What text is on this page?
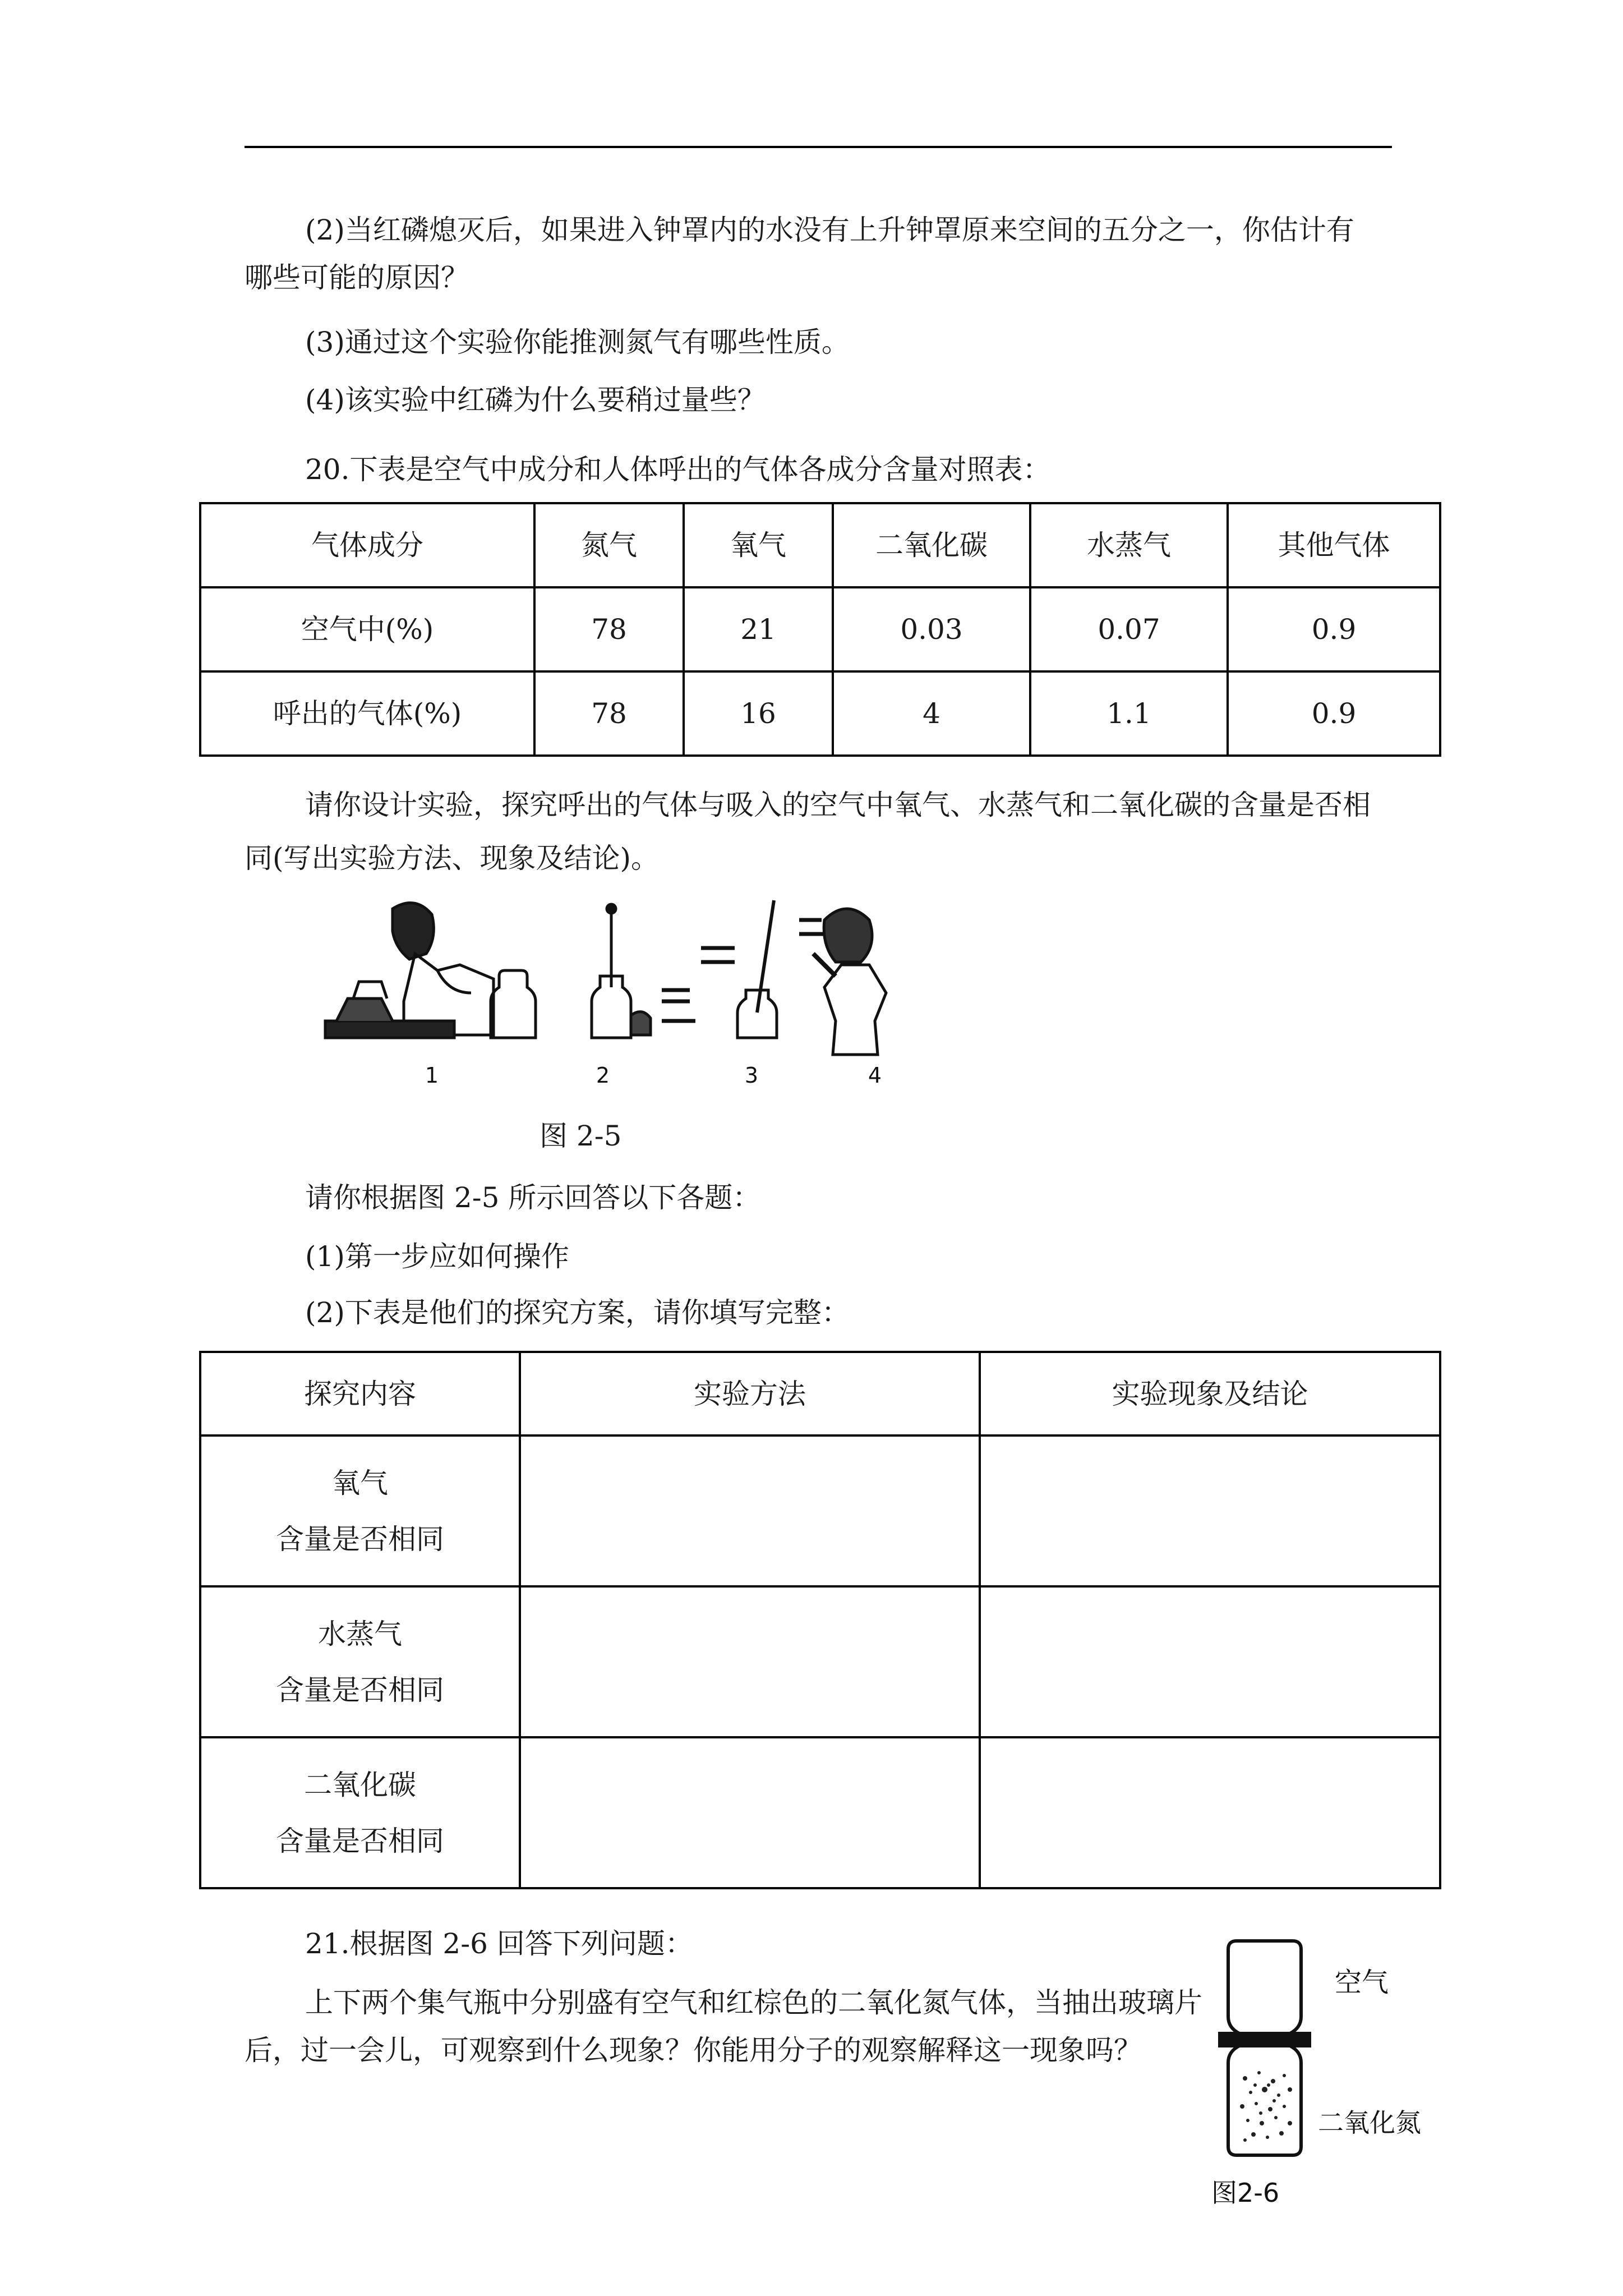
(2)当红磷熄灭后，如果进入钟罩内的水没有上升钟罩原来空间的五分之一，你估计有
哪些可能的原因？
(3)通过这个实验你能推测氮气有哪些性质。
(4)该实验中红磷为什么要稍过量些？
20.下表是空气中成分和人体呼出的气体各成分含量对照表：
气体成分	氮气	氧气	二氧化碳	水蒸气	其他气体
空气中(%)	78	21	0.03	0.07	0.9
呼出的气体(%)	78	16	4	1.1	0.9
请你设计实验，探究呼出的气体与吸入的空气中氧气、水蒸气和二氧化碳的含量是否相
同(写出实验方法、现象及结论)。
1	2	3	4
图 2-5
请你根据图 2-5 所示回答以下各题：
(1)第一步应如何操作
(2)下表是他们的探究方案，请你填写完整：
探究内容	实验方法	实验现象及结论

氧气
含量是否相同		

水蒸气
含量是否相同		

二氧化碳
含量是否相同		

21.根据图 2-6 回答下列问题：
上下两个集气瓶中分别盛有空气和红棕色的二氧化氮气体，当抽出玻璃片
后，过一会儿，可观察到什么现象？你能用分子的观察解释这一现象吗？
空气
二氧化氮
图2-6
